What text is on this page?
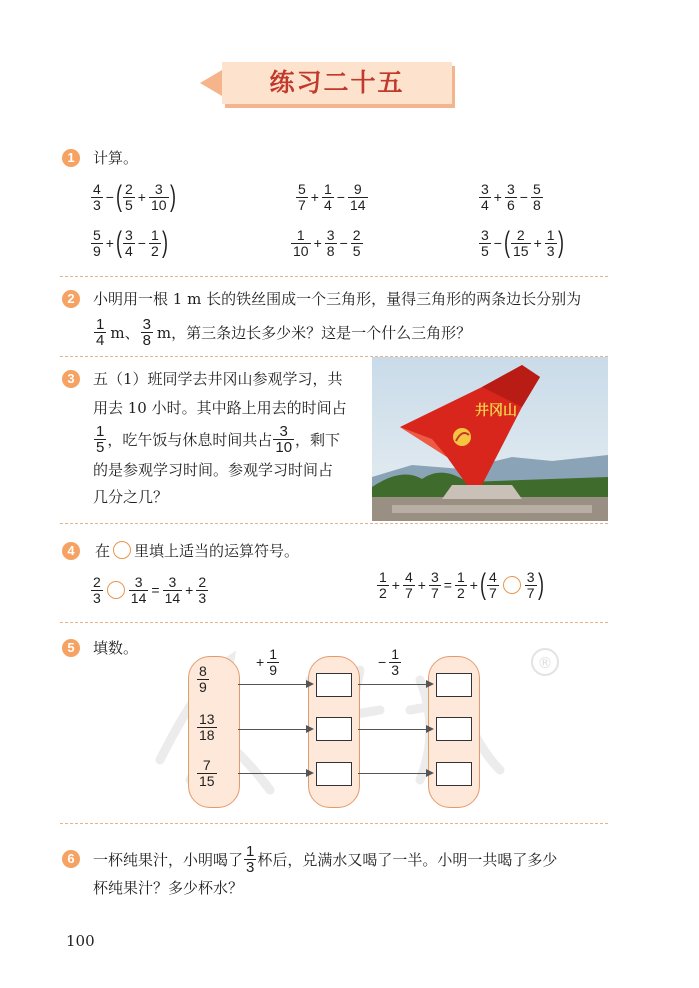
练习二十五
®
1	计算。
$\frac{4}{3}$ − ( $\frac{2}{5} + \frac{3}{10}$ )	$\frac{5}{7} + \frac{1}{4} - \frac{9}{14}$	$\frac{3}{4} + \frac{3}{6} - \frac{5}{8}$
$\frac{5}{9}$ + ( $\frac{3}{4} - \frac{1}{2}$ )	$\frac{1}{10} + \frac{3}{8} - \frac{2}{5}$	$\frac{3}{5}$ − ( $\frac{2}{15} + \frac{1}{3}$ )
2	小明用一根 1 m 长的铁丝围成一个三角形，量得三角形的两条边长分别为
$\frac{1}{4}$ m、 $\frac{3}{8}$ m， 第三条边长多少米？这是一个什么三角形？
3	五（1）班同学去井冈山参观学习，共
用去 10 小时。其中路上用去的时间占
$\frac{1}{5}$ ，吃午饭与休息时间共占 $\frac{3}{10}$ ，剩下
的是参观学习时间。参观学习时间占
几分之几？
井冈山
4	在 里填上适当的运算符号。
$\frac{2}{3} \frac{3}{14} = \frac{3}{14} + \frac{2}{3}$	$\frac{1}{2} + \frac{4}{7} + \frac{3}{7} = \frac{1}{2}$ + ( $\frac{4}{7} \frac{3}{7}$ )
5	填数。
$\frac{8}{9}$
$\frac{13}{18}$
$\frac{7}{15}$
+ $\frac{1}{9}$	− $\frac{1}{3}$
6	一杯纯果汁，小明喝了 $\frac{1}{3}$ 杯后，兑满水又喝了一半。小明一共喝了多少
杯纯果汁？多少杯水？
100
